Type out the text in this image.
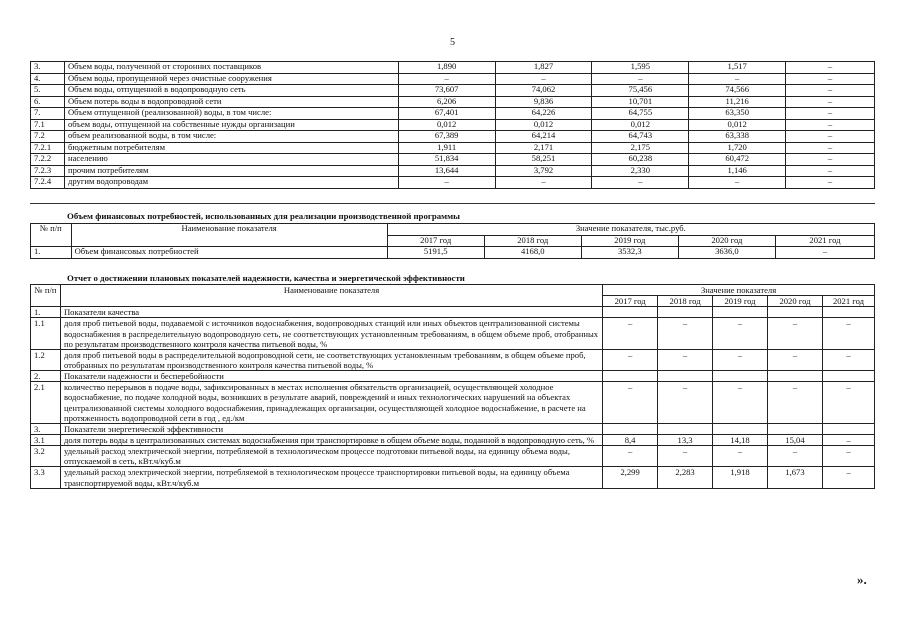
5
3.	Объем воды, полученной от сторонних поставщиков	1,890	1,827	1,595	1,517	–
4.	Объем воды, пропущенной через очистные сооружения	–	–	–	–	–
5.	Объем воды, отпущенной в водопроводную сеть	73,607	74,062	75,456	74,566	–
6.	Объем потерь воды в водопроводной сети	6,206	9,836	10,701	11,216	–
7.	Объем отпущенной (реализованной) воды, в том числе:	67,401	64,226	64,755	63,350	–
7.1	объем воды, отпущенной на собственные нужды организации	0,012	0,012	0,012	0,012	–
7.2	объем реализованной воды, в том числе:	67,389	64,214	64,743	63,338	–
7.2.1	бюджетным потребителям	1,911	2,171	2,175	1,720	–
7.2.2	населению	51,834	58,251	60,238	60,472	–
7.2.3	прочим потребителям	13,644	3,792	2,330	1,146	–
7.2.4	другим водопроводам	–	–	–	–	–
Объем финансовых потребностей, использованных для реализации производственной программы
№ п/п	Наименование показателя	Значение показателя, тыс.руб.				
		2017 год	2018 год	2019 год	2020 год	2021 год
1.	Объем финансовых потребностей	5191,5	4168,0	3532,3	3636,0	–
Отчет о достижении плановых показателей надежности, качества и энергетической эффективности
№ п/п	Наименование показателя	Значение показателя				
		2017 год	2018 год	2019 год	2020 год	2021 год
1.	Показатели качества					
1.1	доля проб питьевой воды, подаваемой с источников водоснабжения, водопроводных станций или иных объектов централизованной системы водоснабжения в распределительную водопроводную сеть, не соответствующих установленным требованиям, в общем объеме проб, отобранных по результатам производственного контроля качества питьевой воды, %	–	–	–	–	–
1.2	доля проб питьевой воды в распределительной водопроводной сети, не соответствующих установленным требованиям, в общем объеме проб, отобранных по результатам производственного контроля качества питьевой воды, %	–	–	–	–	–
2.	Показатели надежности и бесперебойности					
2.1	количество перерывов в подаче воды, зафиксированных в местах исполнения обязательств организацией, осуществляющей холодное водоснабжение, по подаче холодной воды, возникших в результате аварий, повреждений и иных технологических нарушений на объектах централизованной системы холодного водоснабжения, принадлежащих организации, осуществляющей холодное водоснабжение, в расчете на протяженность водопроводной сети в год , ед./км	–	–	–	–	–
3.	Показатели энергетической эффективности					
3.1	доля потерь воды в централизованных системах водоснабжения при транспортировке в общем объеме воды, поданной в водопроводную сеть, %	8,4	13,3	14,18	15,04	–
3.2	удельный расход электрической энергии, потребляемой в технологическом процессе подготовки питьевой воды, на единицу объема воды, отпускаемой в сеть, кВт.ч/куб.м	–	–	–	–	–
3.3	удельный расход электрической энергии, потребляемой в технологическом процессе транспортировки питьевой воды, на единицу объема транспортируемой воды, кВт.ч/куб.м	2,299	2,283	1,918	1,673	–
».
